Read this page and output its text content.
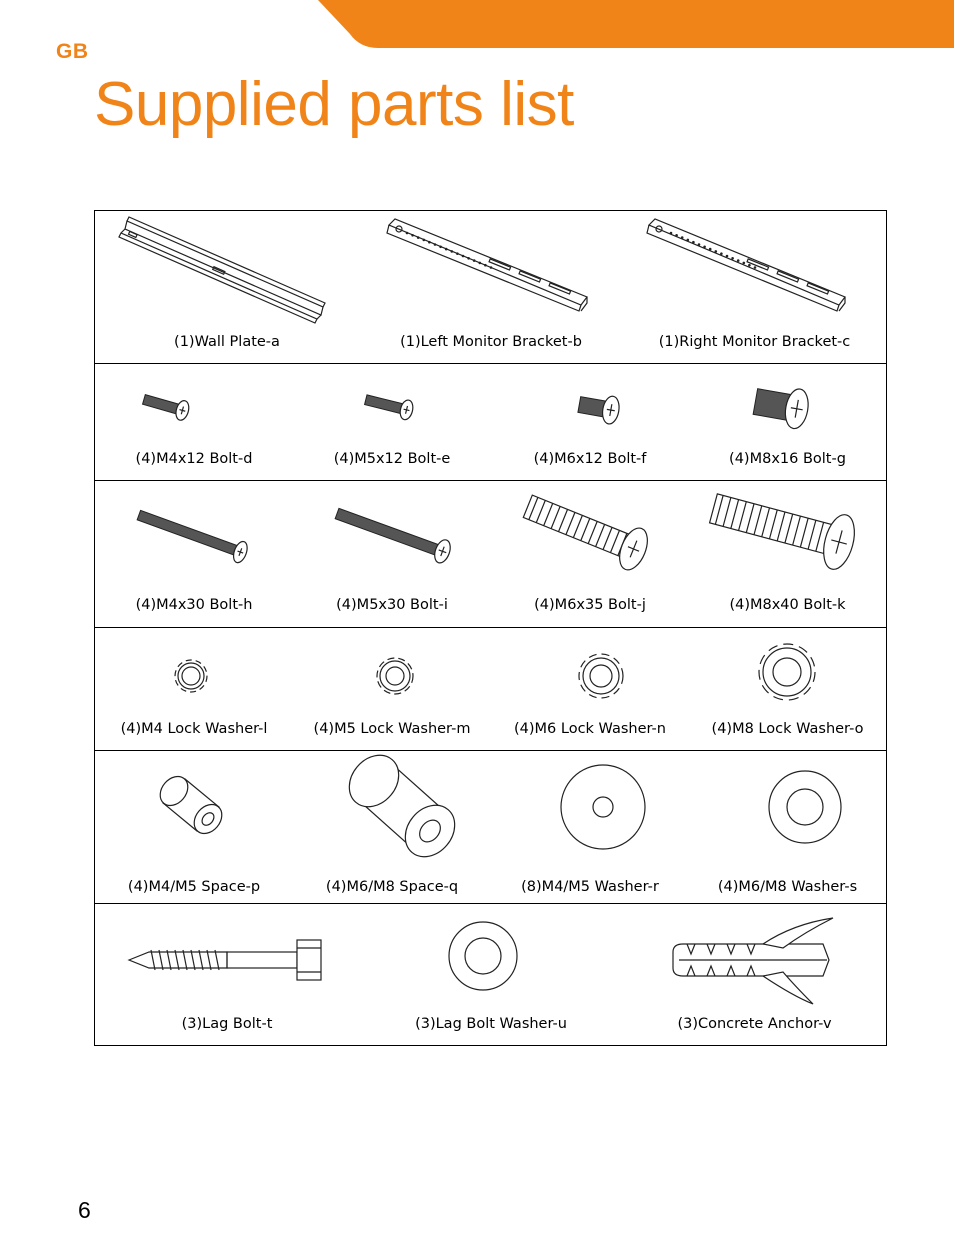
GB
Supplied parts list
(1)Wall Plate-a	(1)Left Monitor Bracket-b	(1)Right Monitor Bracket-c
(4)M4x12 Bolt-d	(4)M5x12 Bolt-e	(4)M6x12 Bolt-f	(4)M8x16 Bolt-g
(4)M4x30 Bolt-h	(4)M5x30 Bolt-i	(4)M6x35 Bolt-j	(4)M8x40 Bolt-k
(4)M4 Lock Washer-l	(4)M5 Lock Washer-m	(4)M6 Lock Washer-n	(4)M8 Lock Washer-o
(4)M4/M5 Space-p	(4)M6/M8 Space-q	(8)M4/M5 Washer-r	(4)M6/M8 Washer-s
(3)Lag Bolt-t	(3)Lag Bolt Washer-u	(3)Concrete Anchor-v
6
